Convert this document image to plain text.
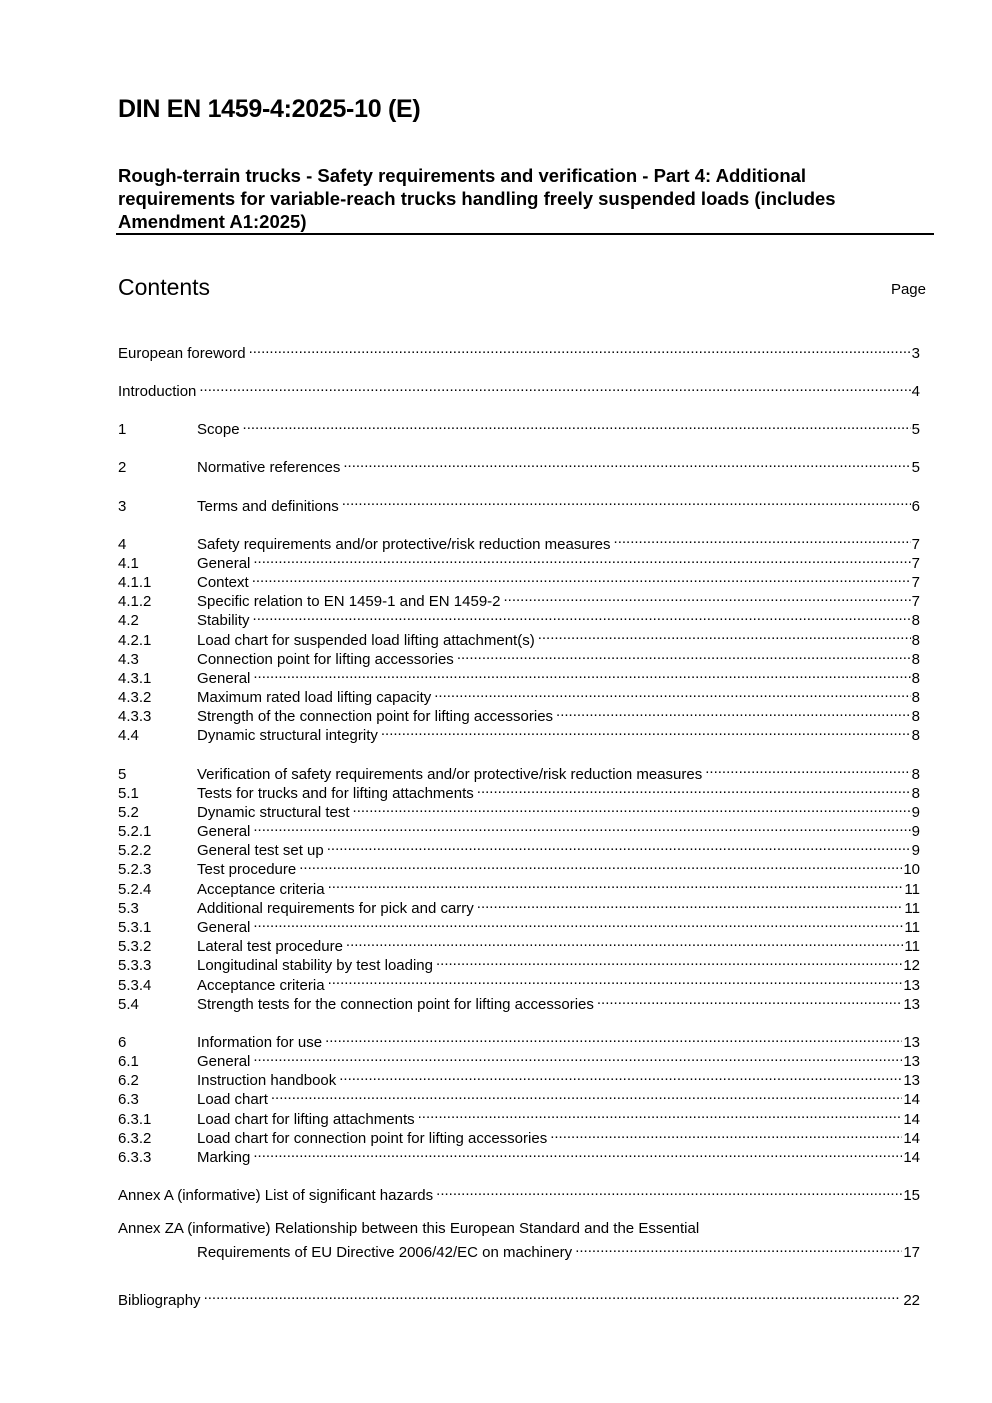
DIN EN 1459-4:2025-10 (E)
Rough-terrain trucks - Safety requirements and verification - Part 4: Additional requirements for variable-reach trucks handling freely suspended loads (includes Amendment A1:2025)
Contents	Page
European foreword .....	3
Introduction .....	4
1	Scope .....	5
2	Normative references .....	5
3	Terms and definitions .....	6
4	Safety requirements and/or protective/risk reduction measures .....	7
4.1	General .....	7
4.1.1	Context .....	7
4.1.2	Specific relation to EN 1459-1 and EN 1459-2 .....	7
4.2	Stability .....	8
4.2.1	Load chart for suspended load lifting attachment(s) .....	8
4.3	Connection point for lifting accessories .....	8
4.3.1	General .....	8
4.3.2	Maximum rated load lifting capacity .....	8
4.3.3	Strength of the connection point for lifting accessories .....	8
4.4	Dynamic structural integrity .....	8
5	Verification of safety requirements and/or protective/risk reduction measures .....	8
5.1	Tests for trucks and for lifting attachments .....	8
5.2	Dynamic structural test .....	9
5.2.1	General .....	9
5.2.2	General test set up .....	9
5.2.3	Test procedure .....	10
5.2.4	Acceptance criteria .....	11
5.3	Additional requirements for pick and carry .....	11
5.3.1	General .....	11
5.3.2	Lateral test procedure .....	11
5.3.3	Longitudinal stability by test loading .....	12
5.3.4	Acceptance criteria .....	13
5.4	Strength tests for the connection point for lifting accessories .....	13
6	Information for use .....	13
6.1	General .....	13
6.2	Instruction handbook .....	13
6.3	Load chart .....	14
6.3.1	Load chart for lifting attachments .....	14
6.3.2	Load chart for connection point for lifting accessories .....	14
6.3.3	Marking .....	14
Annex A (informative) List of significant hazards .....	15
Annex ZA (informative) Relationship between this European Standard and the Essential
Requirements of EU Directive 2006/42/EC on machinery .....	17
Bibliography .....	22
